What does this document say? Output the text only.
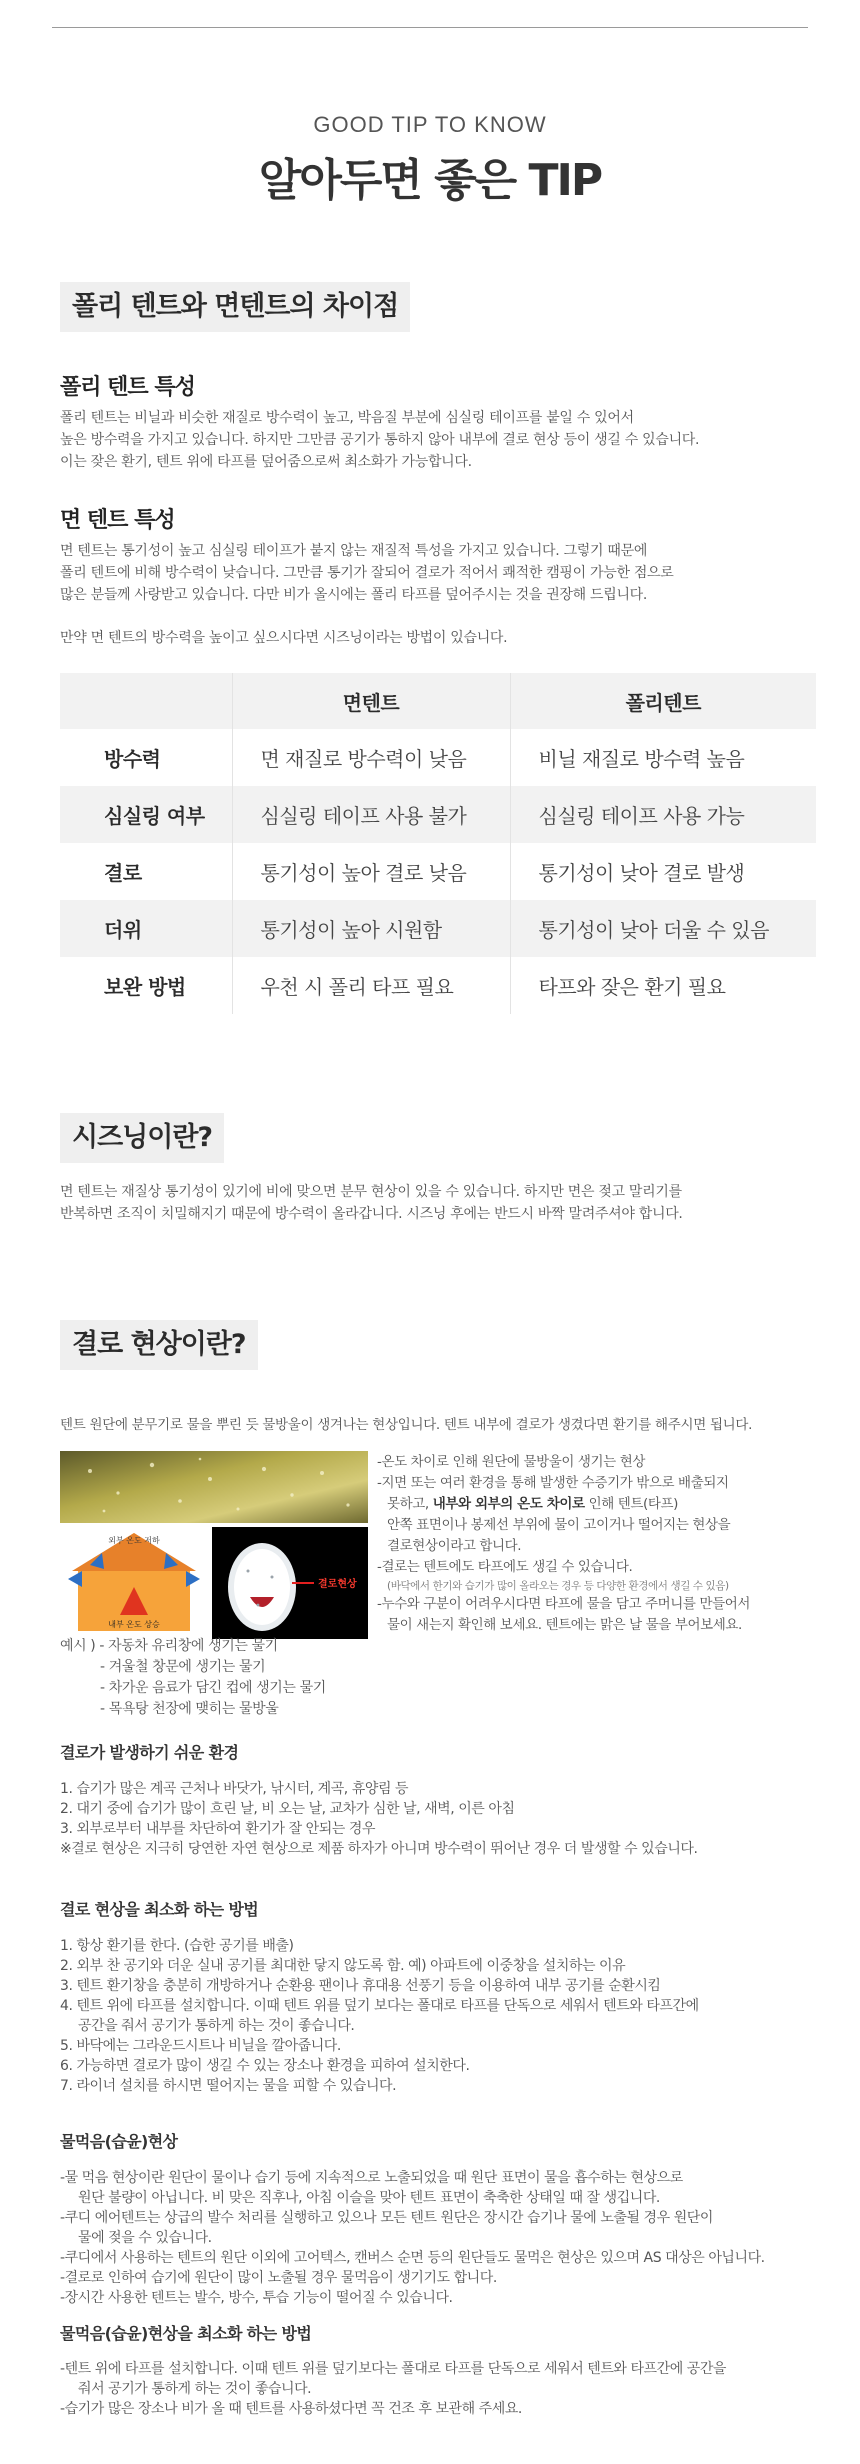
GOOD TIP TO KNOW
알아두면 좋은 TIP
폴리 텐트와 면텐트의 차이점
폴리 텐트 특성

폴리 텐트는 비닐과 비슷한 재질로 방수력이 높고, 박음질 부분에 심실링 테이프를 붙일 수 있어서

높은 방수력을 가지고 있습니다. 하지만 그만큼 공기가 통하지 않아 내부에 결로 현상 등이 생길 수 있습니다.

이는 잦은 환기, 텐트 위에 타프를 덮어줌으로써 최소화가 가능합니다.

면 텐트 특성

면 텐트는 통기성이 높고 심실링 테이프가 붙지 않는 재질적 특성을 가지고 있습니다. 그렇기 때문에

폴리 텐트에 비해 방수력이 낮습니다. 그만큼 통기가 잘되어 결로가 적어서 쾌적한 캠핑이 가능한 점으로

많은 분들께 사랑받고 있습니다. 다만 비가 올시에는 폴리 타프를 덮어주시는 것을 권장해 드립니다.

만약 면 텐트의 방수력을 높이고 싶으시다면 시즈닝이라는 방법이 있습니다.
	면텐트	폴리텐트
방수력	면 재질로 방수력이 낮음	비닐 재질로 방수력 높음
심실링 여부	심실링 테이프 사용 불가	심실링 테이프 사용 가능
결로	통기성이 높아 결로 낮음	통기성이 낮아 결로 발생
더위	통기성이 높아 시원함	통기성이 낮아 더울 수 있음
보완 방법	우천 시 폴리 타프 필요	타프와 잦은 환기 필요
시즈닝이란?

면 텐트는 재질상 통기성이 있기에 비에 맞으면 분무 현상이 있을 수 있습니다. 하지만 면은 젖고 말리기를

반복하면 조직이 치밀해지기 때문에 방수력이 올라갑니다. 시즈닝 후에는 반드시 바짝 말려주셔야 합니다.

결로 현상이란?
텐트 원단에 분무기로 물을 뿌린 듯 물방울이 생겨나는 현상입니다. 텐트 내부에 결로가 생겼다면 환기를 해주시면 됩니다.
외부 온도 저하
내부 온도 상승
결로현상

-온도 차이로 인해 원단에 물방울이 생기는 현상

-지면 또는 여러 환경을 통해 발생한 수증기가 밖으로 배출되지

못하고, 내부와 외부의 온도 차이로 인해 텐트(타프)

안쪽 표면이나 봉제선 부위에 물이 고이거나 떨어지는 현상을

결로현상이라고 합니다.

-결로는 텐트에도 타프에도 생길 수 있습니다.

(바닥에서 한기와 습기가 많이 올라오는 경우 등 다양한 환경에서 생길 수 있음)

-누수와 구분이 어려우시다면 타프에 물을 담고 주머니를 만들어서

물이 새는지 확인해 보세요. 텐트에는 맑은 날 물을 부어보세요.

예시 ) - 자동차 유리창에 생기는 물기

- 겨울철 창문에 생기는 물기

- 차가운 음료가 담긴 컵에 생기는 물기

- 목욕탕 천장에 맺히는 물방울

결로가 발생하기 쉬운 환경

1. 습기가 많은 계곡 근처나 바닷가, 낚시터, 계곡, 휴양림 등

2. 대기 중에 습기가 많이 흐린 날, 비 오는 날, 교차가 심한 날, 새벽, 이른 아침

3. 외부로부터 내부를 차단하여 환기가 잘 안되는 경우

※결로 현상은 지극히 당연한 자연 현상으로 제품 하자가 아니며 방수력이 뛰어난 경우 더 발생할 수 있습니다.

결로 현상을 최소화 하는 방법

1. 항상 환기를 한다. (습한 공기를 배출)

2. 외부 찬 공기와 더운 실내 공기를 최대한 닿지 않도록 함. 예) 아파트에 이중창을 설치하는 이유

3. 텐트 환기창을 충분히 개방하거나 순환용 팬이나 휴대용 선풍기 등을 이용하여 내부 공기를 순환시킴

4. 텐트 위에 타프를 설치합니다. 이때 텐트 위를 덮기 보다는 폴대로 타프를 단독으로 세워서 텐트와 타프간에

공간을 줘서 공기가 통하게 하는 것이 좋습니다.

5. 바닥에는 그라운드시트나 비닐을 깔아줍니다.

6. 가능하면 결로가 많이 생길 수 있는 장소나 환경을 피하여 설치한다.

7. 라이너 설치를 하시면 떨어지는 물을 피할 수 있습니다.

물먹음(습윤)현상

-물 먹음 현상이란 원단이 물이나 습기 등에 지속적으로 노출되었을 때 원단 표면이 물을 흡수하는 현상으로

원단 불량이 아닙니다. 비 맞은 직후나, 아침 이슬을 맞아 텐트 표면이 축축한 상태일 때 잘 생깁니다.

-쿠디 에어텐트는 상급의 발수 처리를 실행하고 있으나 모든 텐트 원단은 장시간 습기나 물에 노출될 경우 원단이

물에 젖을 수 있습니다.

-쿠디에서 사용하는 텐트의 원단 이외에 고어텍스, 캔버스 순면 등의 원단들도 물먹은 현상은 있으며 AS 대상은 아닙니다.

-결로로 인하여 습기에 원단이 많이 노출될 경우 물먹음이 생기기도 합니다.

-장시간 사용한 텐트는 발수, 방수, 투습 기능이 떨어질 수 있습니다.

물먹음(습윤)현상을 최소화 하는 방법

-텐트 위에 타프를 설치합니다. 이때 텐트 위를 덮기보다는 폴대로 타프를 단독으로 세워서 텐트와 타프간에 공간을

줘서 공기가 통하게 하는 것이 좋습니다.

-습기가 많은 장소나 비가 올 때 텐트를 사용하셨다면 꼭 건조 후 보관해 주세요.
